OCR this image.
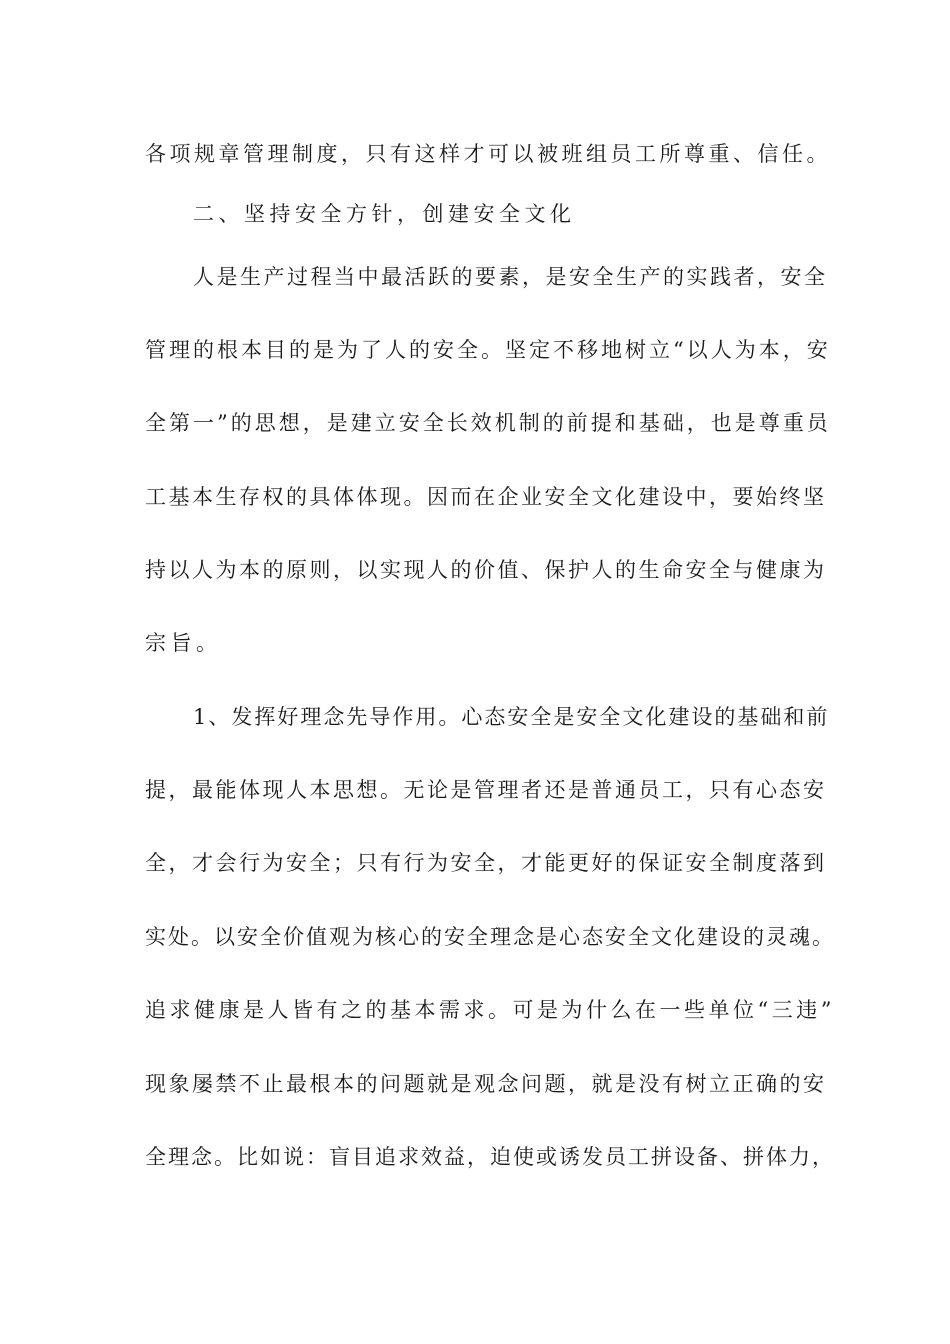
各项规章管理制度，只有这样才可以被班组员工所尊重、信任。
二、坚持安全方针，创建安全文化
人是生产过程当中最活跃的要素，是安全生产的实践者，安全
管理的根本目的是为了人的安全。坚定不移地树立“以人为本，安
全第一”的思想，是建立安全长效机制的前提和基础，也是尊重员
工基本生存权的具体体现。因而在企业安全文化建设中，要始终坚
持以人为本的原则，以实现人的价值、保护人的生命安全与健康为
宗旨。
1、发挥好理念先导作用。心态安全是安全文化建设的基础和前
提，最能体现人本思想。无论是管理者还是普通员工，只有心态安
全，才会行为安全；只有行为安全，才能更好的保证安全制度落到
实处。以安全价值观为核心的安全理念是心态安全文化建设的灵魂。
追求健康是人皆有之的基本需求。可是为什么在一些单位“三违”
现象屡禁不止最根本的问题就是观念问题，就是没有树立正确的安
全理念。比如说：盲目追求效益，迫使或诱发员工拼设备、拼体力，
